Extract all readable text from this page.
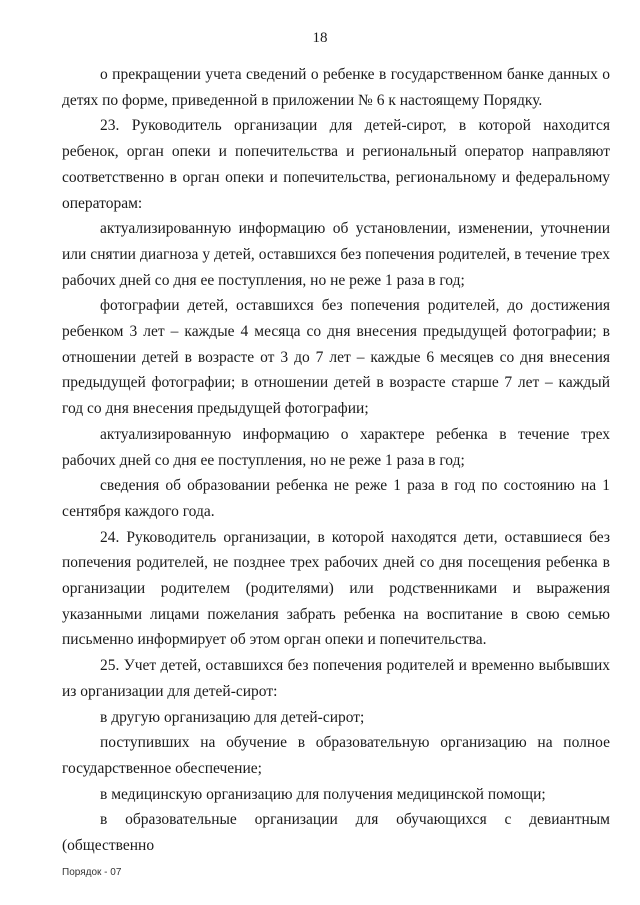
18

о прекращении учета сведений о ребенке в государственном банке данных о детях по форме, приведенной в приложении № 6 к настоящему Порядку.

23. Руководитель организации для детей-сирот, в которой находится ребенок, орган опеки и попечительства и региональный оператор направляют соответственно в орган опеки и попечительства, региональному и федеральному операторам:

актуализированную информацию об установлении, изменении, уточнении или снятии диагноза у детей, оставшихся без попечения родителей, в течение трех рабочих дней со дня ее поступления, но не реже 1 раза в год;

фотографии детей, оставшихся без попечения родителей, до достижения ребенком 3 лет – каждые 4 месяца со дня внесения предыдущей фотографии; в отношении детей в возрасте от 3 до 7 лет – каждые 6 месяцев со дня внесения предыдущей фотографии; в отношении детей в возрасте старше 7 лет – каждый год со дня внесения предыдущей фотографии;

актуализированную информацию о характере ребенка в течение трех рабочих дней со дня ее поступления, но не реже 1 раза в год;

сведения об образовании ребенка не реже 1 раза в год по состоянию на 1 сентября каждого года.

24. Руководитель организации, в которой находятся дети, оставшиеся без попечения родителей, не позднее трех рабочих дней со дня посещения ребенка в организации родителем (родителями) или родственниками и выражения указанными лицами пожелания забрать ребенка на воспитание в свою семью письменно информирует об этом орган опеки и попечительства.

25. Учет детей, оставшихся без попечения родителей и временно выбывших из организации для детей-сирот:

в другую организацию для детей-сирот;

поступивших на обучение в образовательную организацию на полное государственное обеспечение;

в медицинскую организацию для получения медицинской помощи;

в образовательные организации для обучающихся с девиантным (общественно

Порядок - 07
